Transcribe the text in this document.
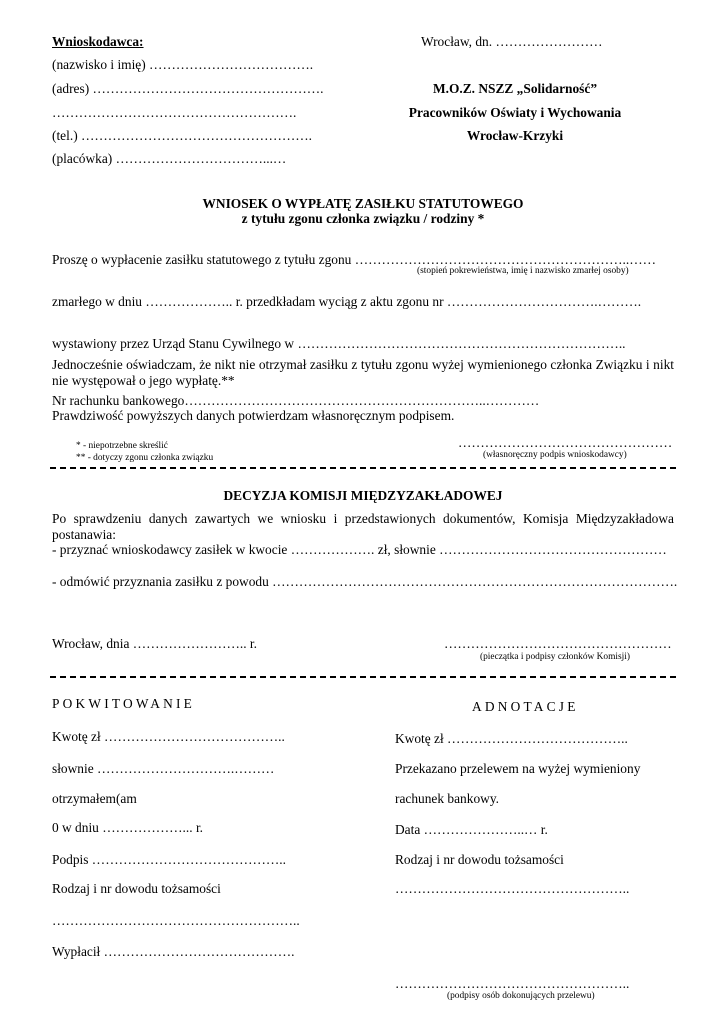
Wnioskodawca:
(nazwisko i imię) ……………………………….
(adres) …………………………………………….
……………………………………………….
(tel.) …………………………………………….
(placówka) ……………………………...…
Wrocław, dn. ……………………
M.O.Z. NSZZ „Solidarność”
Pracowników Oświaty i Wychowania
Wrocław-Krzyki
WNIOSEK O WYPŁATĘ ZASIŁKU STATUTOWEGO
z tytułu zgonu członka związku / rodziny *
Proszę o wypłacenie zasiłku statutowego z tytułu zgonu ……………………………………………………..……
(stopień pokrewieństwa, imię i nazwisko zmarłej osoby)
zmarłego w dniu ……………….. r. przedkładam wyciąg z aktu zgonu nr …………………………….……….
wystawiony przez Urząd Stanu Cywilnego w ………………………………………………………………..
Jednocześnie oświadczam, że nikt nie otrzymał zasiłku z tytułu zgonu wyżej wymienionego członka Związku i nikt nie występował o jego wypłatę.**
Nr rachunku bankowego…………………………………………………………..…………
Prawdziwość powyższych danych potwierdzam własnoręcznym podpisem.
* - niepotrzebne skreślić
** - dotyczy zgonu członka związku
…………………………………………
(własnoręczny podpis wnioskodawcy)
DECYZJA KOMISJI MIĘDZYZAKŁADOWEJ
Po sprawdzeniu danych zawartych we wniosku i przedstawionych dokumentów, Komisja Międzyzakładowa postanawia:
- przyznać wnioskodawcy zasiłek w kwocie ………………. zł, słownie ……………………………………………
- odmówić przyznania zasiłku z powodu ……………………………………………………………………………….
Wrocław, dnia …………………….. r.	……………………………………………
(pieczątka i podpisy członków Komisji)
POKWITOWANIE
Kwotę zł …………………………………..
słownie ………………………….………
otrzymałem(am
0 w dniu ………………... r.
Podpis ……………………………………..
Rodzaj i nr dowodu tożsamości
………………………………………………..
Wypłacił …………………………………….
ADNOTACJE
Kwotę zł …………………………………..
Przekazano przelewem na wyżej wymieniony
rachunek bankowy.
Data …………………..… r.
Rodzaj i nr dowodu tożsamości
……………………………………………..
……………………………………………..
(podpisy osób dokonujących przelewu)
